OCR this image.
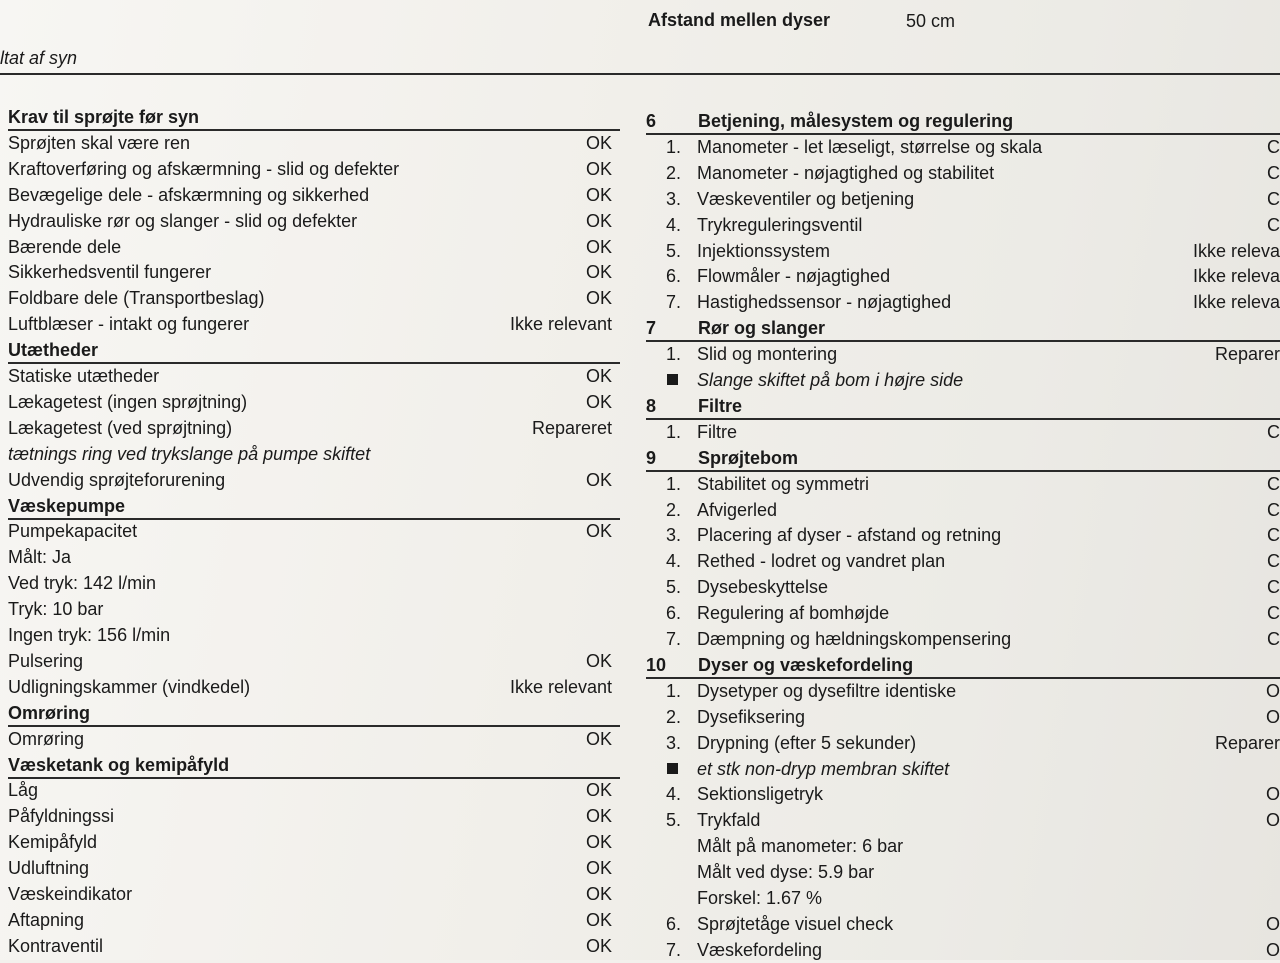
Afstand mellen dyser	50 cm
ltat af syn
Krav til sprøjte før syn
Sprøjten skal være ren	OK
Kraftoverføring og afskærmning - slid og defekter	OK
Bevægelige dele - afskærmning og sikkerhed	OK
Hydrauliske rør og slanger - slid og defekter	OK
Bærende dele	OK
Sikkerhedsventil fungerer	OK
Foldbare dele (Transportbeslag)	OK
Luftblæser - intakt og fungerer	Ikke relevant
Utætheder
Statiske utætheder	OK
Lækagetest (ingen sprøjtning)	OK
Lækagetest (ved sprøjtning)	Repareret
tætnings ring ved trykslange på pumpe skiftet
Udvendig sprøjteforurening	OK
Væskepumpe
Pumpekapacitet	OK
Målt: Ja
Ved tryk: 142 l/min
Tryk: 10 bar
Ingen tryk: 156 l/min
Pulsering	OK
Udligningskammer (vindkedel)	Ikke relevant
Omrøring
Omrøring	OK
Væsketank og kemipåfyld
Låg	OK
Påfyldningssi	OK
Kemipåfyld	OK
Udluftning	OK
Væskeindikator	OK
Aftapning	OK
Kontraventil	OK
6 Betjening, målesystem og regulering
1. Manometer - let læseligt, størrelse og skala	C
2. Manometer - nøjagtighed og stabilitet	C
3. Væskeventiler og betjening	C
4. Trykreguleringsventil	C
5. Injektionssystem	Ikke releva
6. Flowmåler - nøjagtighed	Ikke releva
7. Hastighedssensor - nøjagtighed	Ikke releva
7 Rør og slanger
1. Slid og montering	Reparer
Slange skiftet på bom i højre side
8 Filtre
1. Filtre	C
9 Sprøjtebom
1. Stabilitet og symmetri	C
2. Afvigerled	C
3. Placering af dyser - afstand og retning	C
4. Rethed - lodret og vandret plan	C
5. Dysebeskyttelse	C
6. Regulering af bomhøjde	C
7. Dæmpning og hældningskompensering	C
10 Dyser og væskefordeling
1. Dysetyper og dysefiltre identiske	O
2. Dysefiksering	O
3. Drypning (efter 5 sekunder)	Reparer
et stk non-dryp membran skiftet
4. Sektionsligetryk	O
5. Trykfald	O
Målt på manometer: 6 bar
Målt ved dyse: 5.9 bar
Forskel: 1.67 %
6. Sprøjtetåge visuel check	O
7. Væskefordeling	O
